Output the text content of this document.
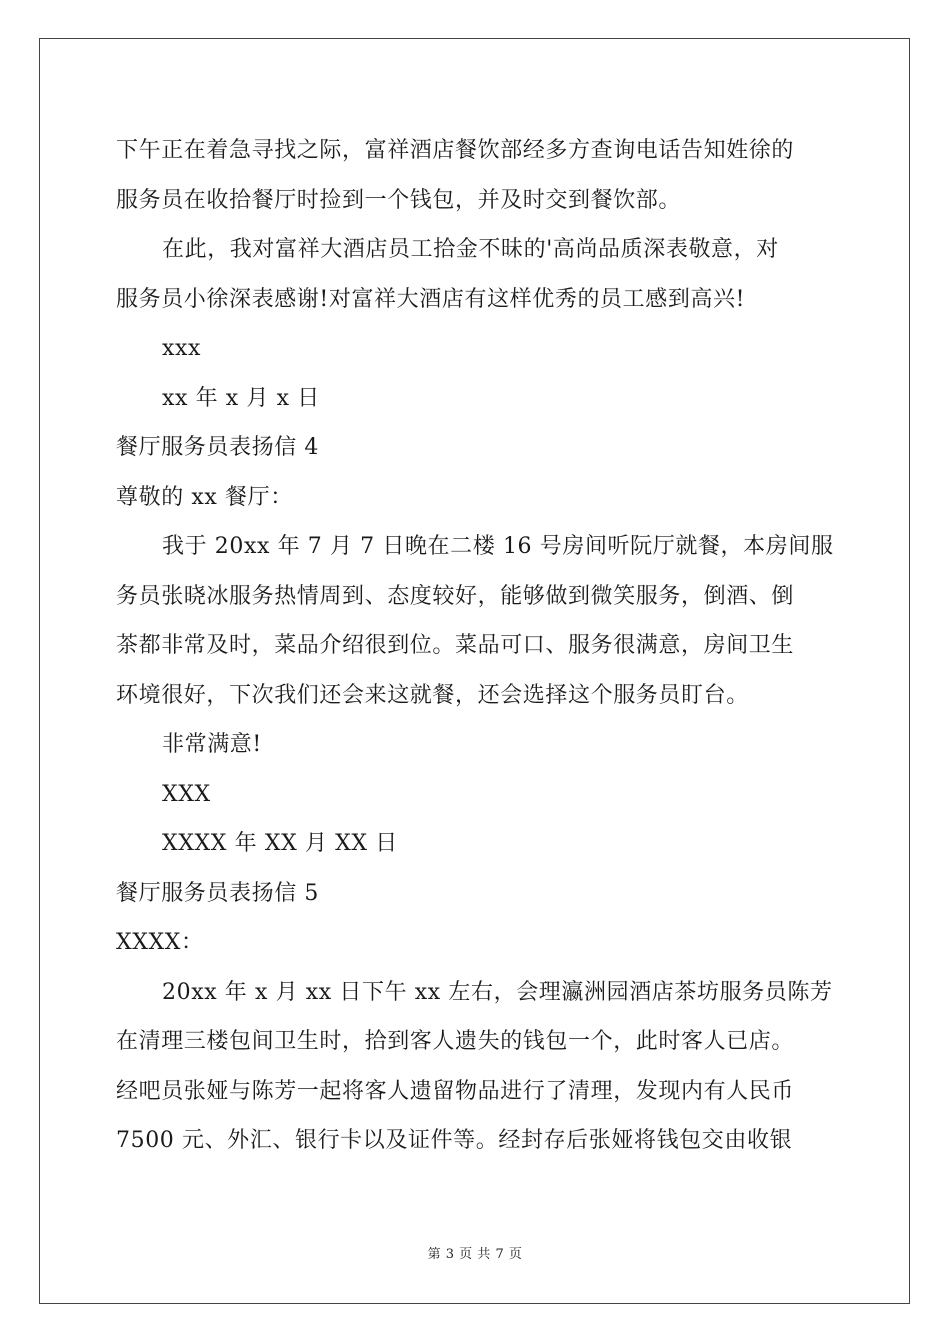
下午正在着急寻找之际，富祥酒店餐饮部经多方查询电话告知姓徐的
服务员在收拾餐厅时捡到一个钱包，并及时交到餐饮部。
在此，我对富祥大酒店员工拾金不昧的'高尚品质深表敬意，对
服务员小徐深表感谢!对富祥大酒店有这样优秀的员工感到高兴!
xxx
xx 年 x 月 x 日
餐厅服务员表扬信 4
尊敬的 xx 餐厅：
我于 20xx 年 7 月 7 日晚在二楼 16 号房间听阮厅就餐，本房间服
务员张晓冰服务热情周到、态度较好，能够做到微笑服务，倒酒、倒
茶都非常及时，菜品介绍很到位。菜品可口、服务很满意，房间卫生
环境很好，下次我们还会来这就餐，还会选择这个服务员盯台。
非常满意!
XXX
XXXX 年 XX 月 XX 日
餐厅服务员表扬信 5
XXXX：
20xx 年 x 月 xx 日下午 xx 左右，会理瀛洲园酒店茶坊服务员陈芳
在清理三楼包间卫生时，拾到客人遗失的钱包一个，此时客人已店。
经吧员张娅与陈芳一起将客人遗留物品进行了清理，发现内有人民币
7500 元、外汇、银行卡以及证件等。经封存后张娅将钱包交由收银
第 3 页 共 7 页
